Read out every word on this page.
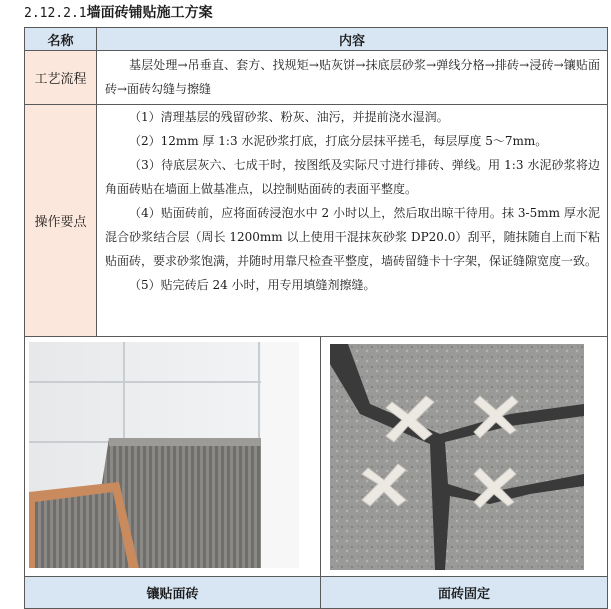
2.12.2.1墙面砖铺贴施工方案
名称	内容
工艺流程

基层处理→吊垂直、套方、找规矩→贴灰饼→抹底层砂浆→弹线分格→排砖→浸砖→镶贴面砖→面砖勾缝与擦缝

操作要点

（1）清理基层的残留砂浆、粉灰、油污，并提前浇水湿润。

（2）12mm 厚 1:3 水泥砂浆打底，打底分层抹平搓毛，每层厚度 5～7mm。

（3）待底层灰六、七成干时，按图纸及实际尺寸进行排砖、弹线。用 1:3 水泥砂浆将边角面砖贴在墙面上做基准点，以控制贴面砖的表面平整度。

（4）贴面砖前，应将面砖浸泡水中 2 小时以上，然后取出晾干待用。抹 3-5mm 厚水泥混合砂浆结合层（周长 1200mm 以上使用干混抹灰砂浆 DP20.0）刮平，随抹随自上而下粘贴面砖，要求砂浆饱满，并随时用靠尺检查平整度，墙砖留缝卡十字架，保证缝隙宽度一致。

（5）贴完砖后 24 小时，用专用填缝剂擦缝。

镶贴面砖	面砖固定
